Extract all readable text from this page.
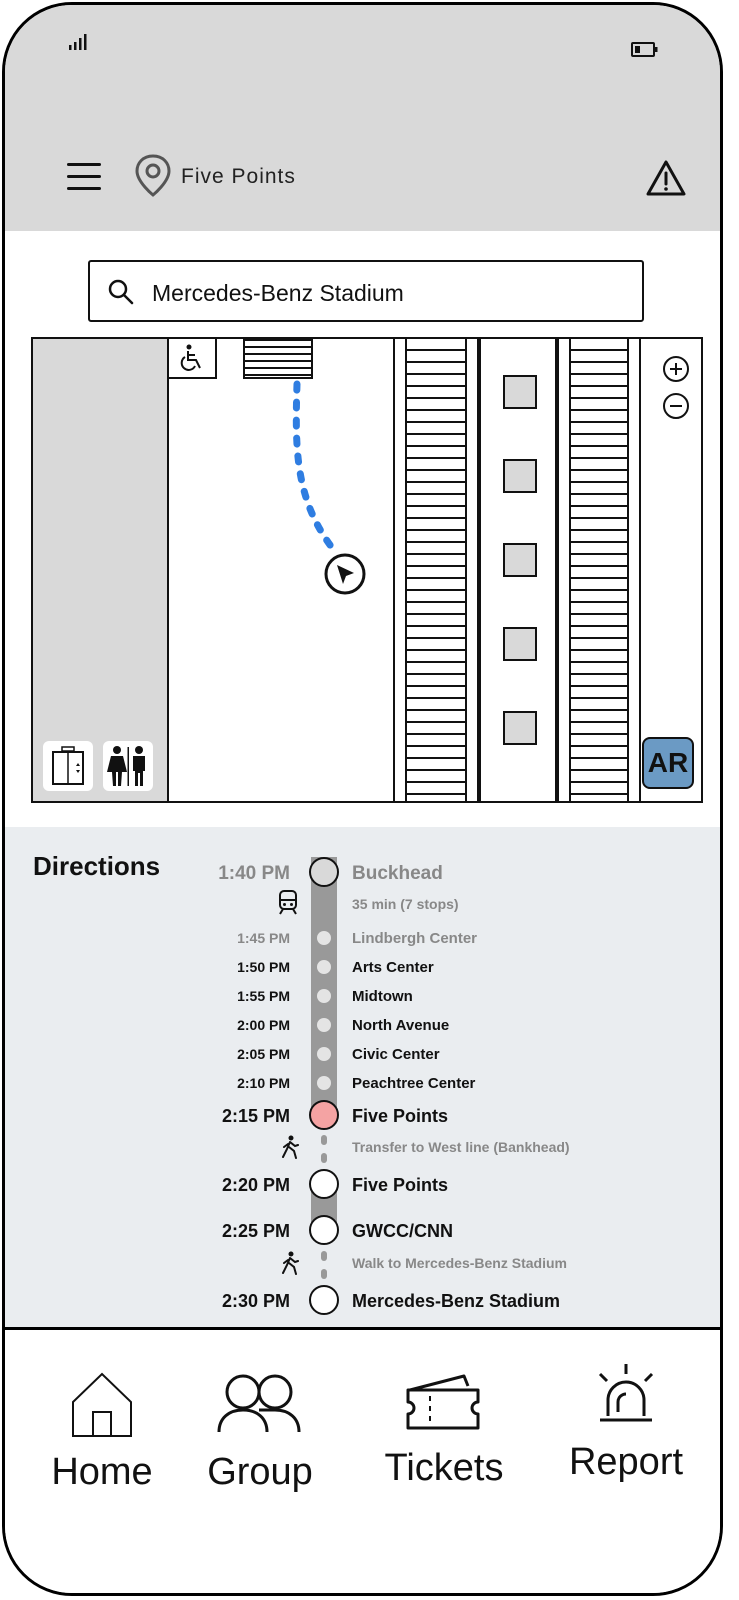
Five Points
Mercedes-Benz Stadium
AR
Directions
35 min (7 stops)
1:40 PM	Buckhead
1:45 PM	Lindbergh Center
1:50 PM	Arts Center
1:55 PM	Midtown
2:00 PM	North Avenue
2:05 PM	Civic Center
2:10 PM	Peachtree Center
2:15 PM	Five Points
Transfer to West line (Bankhead)
2:20 PM	Five Points
2:25 PM	GWCC/CNN
Walk to Mercedes-Benz Stadium
2:30 PM	Mercedes-Benz Stadium
Home	Group	Tickets	Report
